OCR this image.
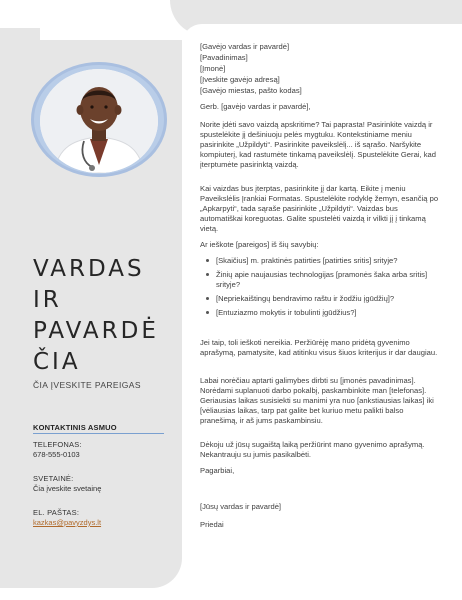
VARDAS
IR
PAVARDĖ
ČIA
ČIA ĮVESKITE PAREIGAS
KONTAKTINIS ASMUO
TELEFONAS:
678-555-0103
SVETAINĖ:
Čia įveskite svetainę
EL. PAŠTAS:
kazkas@pavyzdys.lt
[Gavėjo vardas ir pavardė]
[Pavadinimas]
[Įmonė]
[Įveskite gavėjo adresą]
[Gavėjo miestas, pašto kodas]
Gerb. [gavėjo vardas ir pavardė],
Norite įdėti savo vaizdą apskritime? Tai paprasta! Pasirinkite vaizdą ir spustelėkite jį dešiniuoju pelės mygtuku. Kontekstiniame meniu pasirinkite „Užpildyti“. Pasirinkite paveikslėlį... iš sąrašo. Naršykite kompiuterį, kad rastumėte tinkamą paveikslėlį. Spustelėkite Gerai, kad įterptumėte pasirinktą vaizdą.
Kai vaizdas bus įterptas, pasirinkite jį dar kartą. Eikite į meniu Paveikslėlis Įrankiai Formatas. Spustelėkite rodyklę žemyn, esančią po „Apkarpyti“, tada sąraše pasirinkite „Užpildyti“. Vaizdas bus automatiškai koreguotas. Galite spustelėti vaizdą ir vilkti jį į tinkamą vietą.
Ar ieškote [pareigos] iš šių savybių:
[Skaičius] m. praktinės patirties [patirties sritis] srityje?
Žinių apie naujausias technologijas [pramonės šaka arba sritis] srityje?
[Nepriekaištingų bendravimo raštu ir žodžiu įgūdžių]?
[Entuziazmo mokytis ir tobulinti įgūdžius?]
Jei taip, toli ieškoti nereikia. Peržiūrėję mano pridėtą gyvenimo aprašymą, pamatysite, kad atitinku visus šiuos kriterijus ir dar daugiau.
Labai norėčiau aptarti galimybes dirbti su [įmonės pavadinimas]. Norėdami suplanuoti darbo pokalbį, paskambinkite man [telefonas]. Geriausias laikas susisiekti su manimi yra nuo [ankstiausias laikas] iki [vėliausias laikas, tarp pat galite bet kuriuo metu palikti balso pranešimą, ir aš jums paskambinsiu.
Dėkoju už jūsų sugaištą laiką peržiūrint mano gyvenimo aprašymą. Nekantrauju su jumis pasikalbėti.
Pagarbiai,
[Jūsų vardas ir pavardė]
Priedai
